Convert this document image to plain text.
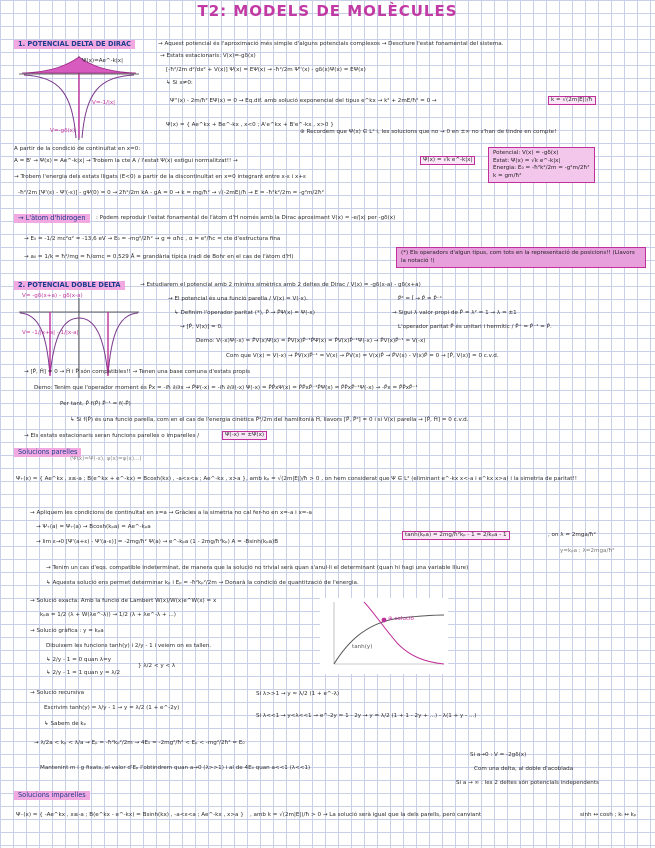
T2: MODELS DE MOLÈCULES
1. POTENCIAL DELTA DE DIRAC	→ Aquest potencial és l'aproximació més simple d'alguns potencials complexos → Descriure l'estat fonamental del sistema.
Ψ(x)=Ae^-k|x|
V=-1/|x|
V=-gδ(x)
→ Estats estacionaris: V(x)=-gδ(x)
[-ħ²/2m d²/dx² + V(x)] Ψ(x) = EΨ(x) → -ħ²/2m Ψ''(x) - gδ(x)Ψ(x) = EΨ(x)
↳ Si x≠0:
Ψ''(x) - 2m/ħ² EΨ(x) = 0 → Eq.dif. amb solució exponencial del tipus e^kx → k² + 2mE/ħ² = 0 →	k = √(2m|E|)/ħ
Ψ(x) = { Ae^kx + Be^-kx , x<0 ; A'e^kx + B'e^-kx , x>0 }
⊛ Recordem que Ψ(x) ∈ L² i, les solucions que no → 0 en ±∞ no s'han de tindre en compte!
A partir de la condició de continuïtat en x=0:
A = B' → Ψ(x) = Ae^-k|x| → Trobem la cte A / l'estat Ψ(x) estigui normalitzat!! →	Ψ(x) = √k e^-k|x|
Potencial: V(x) = -gδ(x)
Estat: Ψ(x) = √k e^-k|x|
Energia: E₀ = -ħ²k²/2m = -g²m/2ħ²
k = gm/ħ²
→ Trobem l'energia dels estats lligats (E<0) a partir de la discontinuïtat en x=0 integrant entre x-ε i x+ε
-ħ²/2m [Ψ'(ε) - Ψ'(-ε)] - gΨ(0) = 0 → 2ħ²/2m kA - gA = 0 → k = mg/ħ² → √(-2mE)/ħ → E = -ħ²k²/2m = -g²m/2ħ²
→ L'àtom d'hidrogen	: Podem reproduir l'estat fonamental de l'àtom d'H només amb la Dirac aproximant V(x) ≈ -e/|x| per -gδ(x)
→ E₀ = -1/2 mc²α² = -13,6 eV → E₀ = -mg²/2ħ² → g = αħc , α = e²/ħc ≈ cte d'estructura fina
→ a₀ = 1/k = ħ²/mg = ħ/αmc = 0,529 Å = grandària típica (radi de Bohr en el cas de l'àtom d'H)
(*) Els operadors d'algun tipus, com tots en la representació de posicions!! (Llavors la notació !)
2. POTENCIAL DOBLE DELTA	→ Estudiarem el potencial amb 2 mínims simètrics amb 2 deltes de Dirac / V(x) = -gδ(x-a) - gδ(x+a)
V= -gδ(x+a) - gδ(x-a)
V= -1/|x+a| - 1/|x-a|
→ El potencial és una funció parella / V(x) = V(-x).	P̂² = Î → P̂ = P̂⁻¹
↳ Definim l'operador paritat (*), P̂ → P̂Ψ(x) = Ψ(-x)	→ Sigui λ valor propi de P̂ = λ² = 1 → λ = ±1
→ [P̂, V(x)] = 0.	L'operador paritat P̂ és unitari i hermític / P̂⁺ = P̂⁻¹ = P̂.
Demo: V(-x)Ψ(-x) = P̂V(x)Ψ(x) = P̂V(x)P̂⁻¹P̂Ψ(x) = P̂V(x)P̂⁻¹Ψ(-x) → P̂V(x)P̂⁻¹ = V(-x)
Com que V(x) = V(-x) → P̂V(x)P̂⁻¹ = V(x) → P̂V(x) = V(x)P̂ → P̂V(x) - V(x)P̂ = 0 → [P̂, V(x)] = 0 c.v.d.
→ [P̂, Ĥ] = 0 → Ĥ i P̂ són compatibles!! → Tenen una base comuna d'estats propis
Demo: Tenim que l'operador moment és P̂x = -iħ ∂/∂x → P̂Ψ(-x) = -iħ ∂/∂(-x) Ψ(-x) = P̂P̂xΨ(x) = P̂P̂xP̂⁻¹P̂Ψ(x) = P̂P̂xP̂⁻¹Ψ(-x) → -P̂x = P̂P̂xP̂⁻¹
Per tant, P̂ f(P̂) P̂⁻¹ = f(-P̂)
↳ Si f(P̂) és una funció parella, com en el cas de l'energia cinètica P̂²/2m del hamiltonià Ĥ, llavors [P̂, P̂²] = 0 i si V(x) parella → [P̂, Ĥ] = 0 c.v.d.
→ Els estats estacionaris seran funcions parelles o imparelles /	Ψ(-x) = ±Ψ(x)
Solucions parelles
(Ψ(x)=Ψ(-x), ψ(x)=ψ(x)...)
Ψ₊(x) = { Ae^kx , x≤-a ; B(e^kx + e^-kx) = Bcosh(kx) , -a<x<a ; Ae^-kx , x>a } , amb kₚ = √(2m|E|)/ħ > 0 , on hem considerat que Ψ ∈ L² (eliminant e^-kx x<-a i e^kx x>a) i la simetria de paritat!!
→ Apliquem les condicions de continuïtat en x=a → Gràcies a la simetria no cal fer-ho en x=-a i x=-a
→ Ψ₊(a) = Ψ₊(a) → Bcosh(kₚa) = Ae^-kₚa
→ lim ε→0 [Ψ'(a+ε) - Ψ'(a-ε)] = -2mg/ħ² Ψ(a) → e^-kₚa (1 - 2mg/ħ²kₚ) A = -Bsinh(kₚa)B
tanh(kₚa) = 2mg/ħ²kₚ - 1 = 2/kₚa - 1	, on λ = 2mga/ħ²
y=kₚa ; λ=2mga/ħ²
→ Tenim un cas d'eqs. compatible indeterminat, de manera que la solució no trivial serà quan s'anul·li el determinant (quan hi hagi una variable lliure)
↳ Aquesta solució ens permet determinar kₚ i Eₚ = -ħ²kₚ²/2m → Donarà la condició de quantització de l'energia.
→ Solució exacta: Amb la funció de Lambert W(x)/W(x)e^W(x) = x
kₚa = 1/2 (λ + W(λe^-λ)) → 1/2 (λ + λe^-λ + ...)
→ Solució gràfica : y = kₚa
Dibuixem les funcions tanh(y) i 2/y - 1 i veiem on es tallen.
↳ 2/y - 1 = 0 quan λ=y
↳ 2/y - 1 = 1 quan y = λ/2
} λ/2 < y < λ
⊕ solució
tanh(y)
→ Solució recursiva
Escrivim tanh(y) = λ/y - 1 → y = λ/2 (1 + e^-2y)
Si λ>>1 → y ≈ λ/2 (1 + e^-λ)
Si λ<<1 → y<λ<<1 → e^-2y ≈ 1 - 2y → y = λ/2 (1 + 1 - 2y + ...) - λ(1 + y - ...)
↳ Sabem de kₚ
→ λ/2a < kₚ < λ/a → Eₚ = -ħ²kₚ²/2m → 4E₀ = -2mg²/ħ² < Eₚ < -mg²/2ħ² = E₀
Si a→0 : V = -2gδ(x)
Mantenint m i g fixats, el valor d'Eₚ l'obtindrem quan a→0 (λ>>1) i al de 4E₀ quan a<<1 (λ<<1)	Com una delta, al doble d'acoblada
Si a → ∞ : les 2 deltes són potencials independents
Solucions imparelles
Ψ₋(x) = { -Ae^kx , x≤-a ; B(e^kx - e^-kx) = Bsinh(kx) , -a<x<a ; Ae^-kx , x>a } , amb k = √(2m|E|)/ħ > 0 → La solució serà igual que la dels parells, però canviant	sinh ↔ cosh ; kᵢ ↔ kₚ
